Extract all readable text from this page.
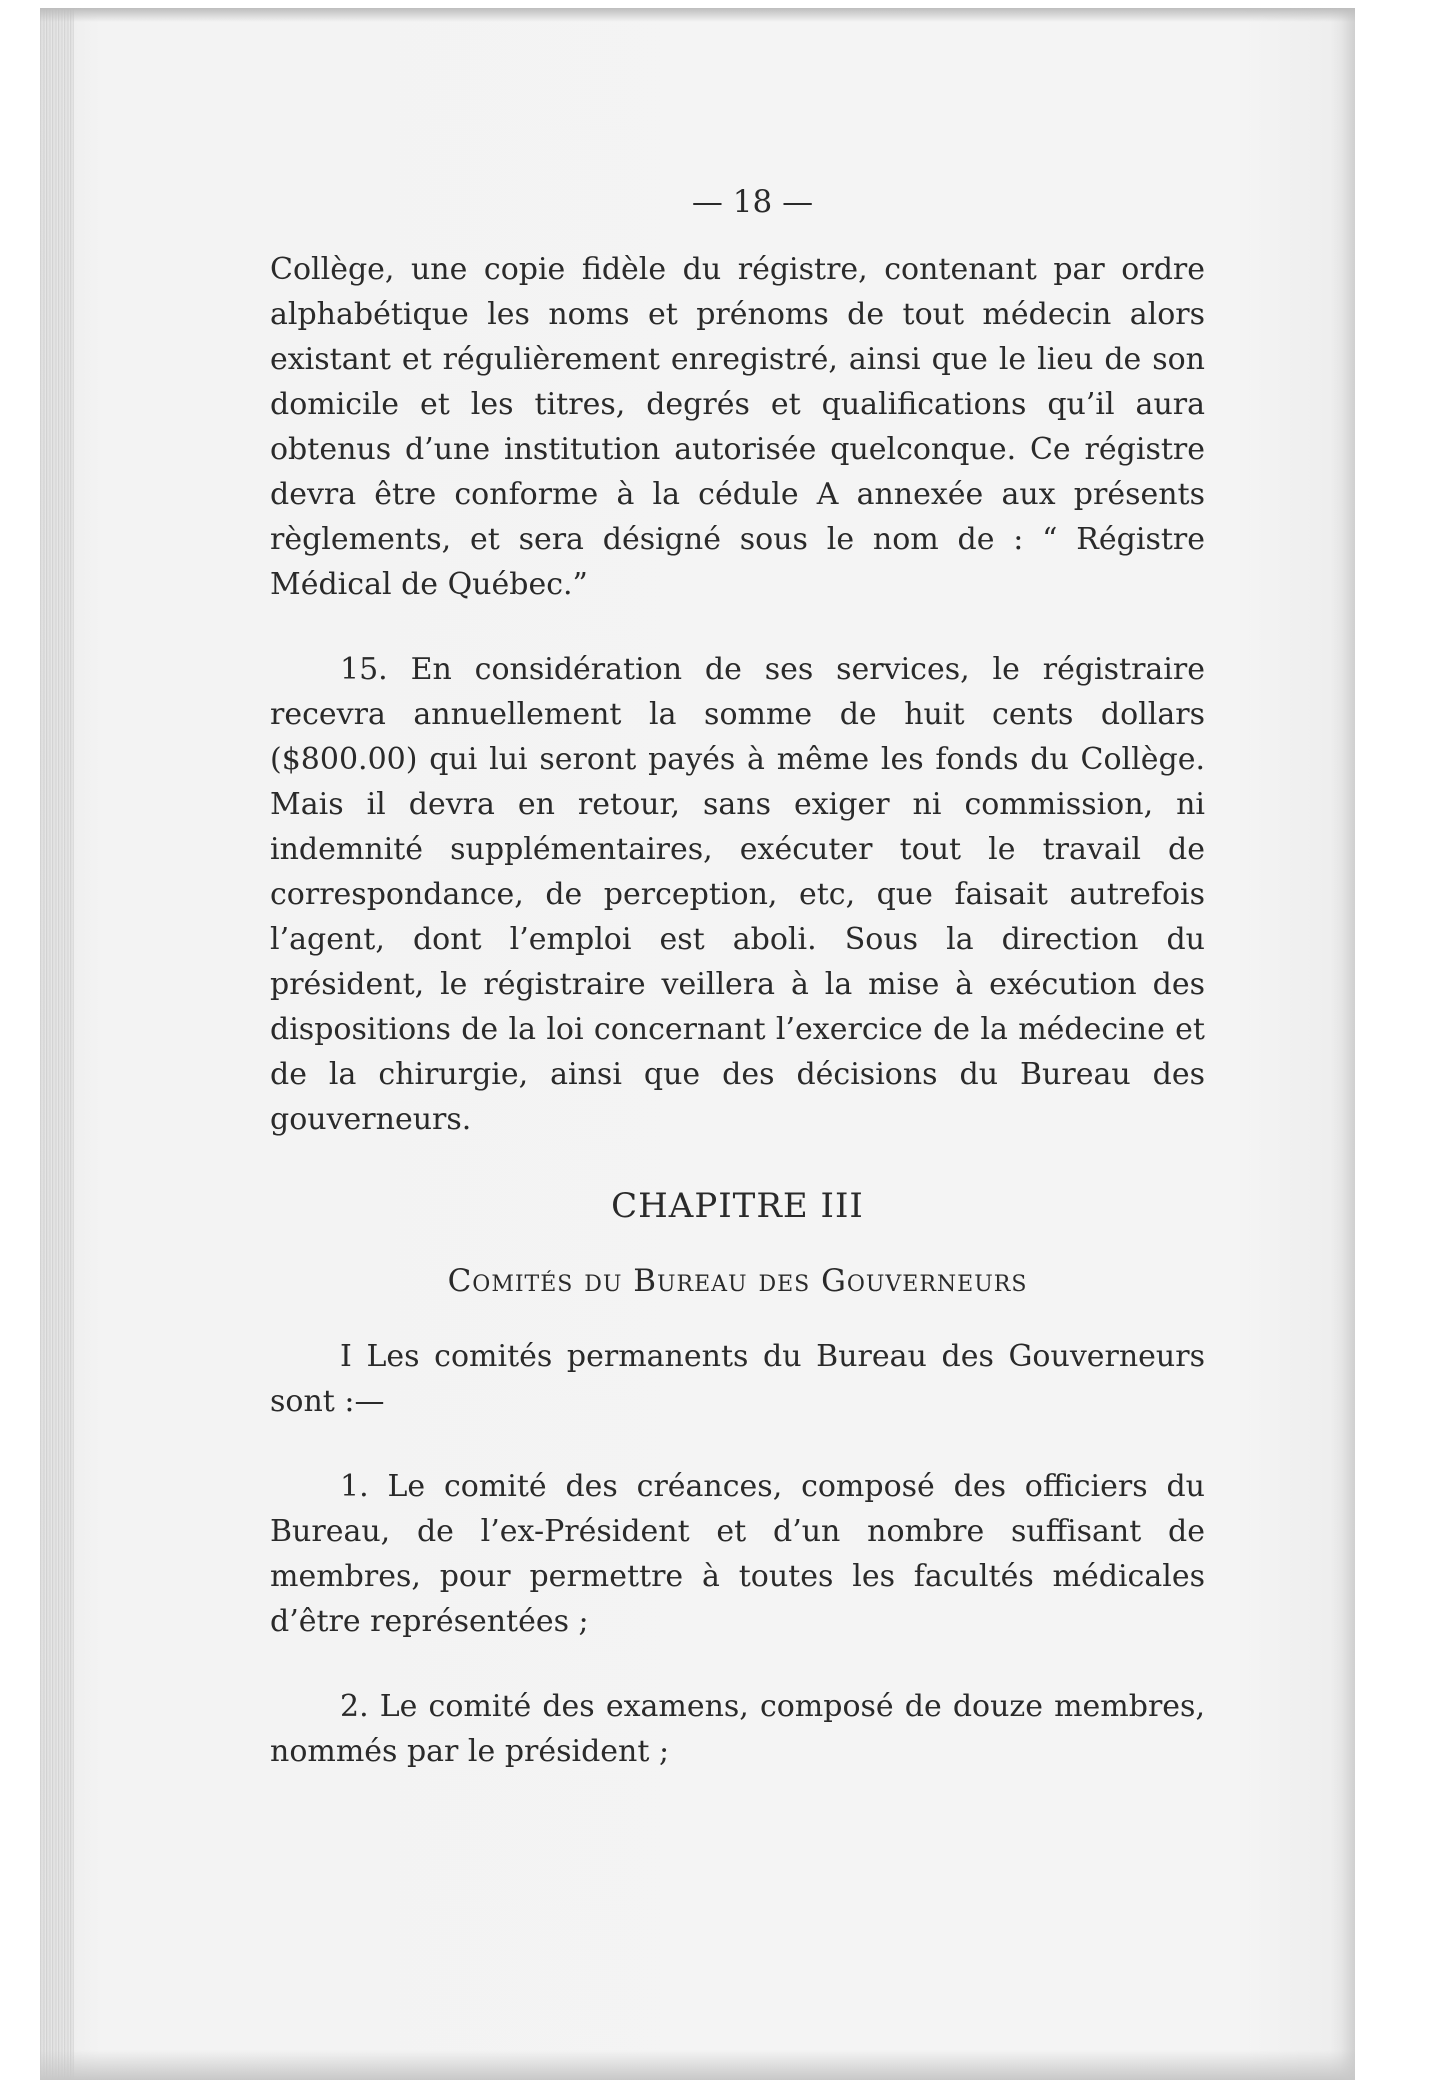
— 18 —

Collège, une copie fidèle du régistre, contenant par ordre alphabétique les noms et prénoms de tout médecin alors existant et régulièrement enregistré, ainsi que le lieu de son domicile et les titres, degrés et qualifications qu’il aura obtenus d’une institution autorisée quelconque. Ce régistre devra être conforme à la cédule A annexée aux présents règlements, et sera désigné sous le nom de : “ Régistre Médical de Québec.”

15. En considération de ses services, le régistraire recevra annuellement la somme de huit cents dollars ($800.00) qui lui seront payés à même les fonds du Collège. Mais il devra en retour, sans exiger ni commission, ni indemnité supplémentaires, exécuter tout le travail de correspondance, de perception, etc, que faisait autrefois l’agent, dont l’emploi est aboli. Sous la direction du président, le régistraire veillera à la mise à exécution des dispositions de la loi concernant l’exercice de la médecine et de la chirurgie, ainsi que des décisions du Bureau des gouverneurs.

CHAPITRE III
Comités du Bureau des Gouverneurs

I Les comités permanents du Bureau des Gouverneurs sont :—

1. Le comité des créances, composé des officiers du Bureau, de l’ex-Président et d’un nombre suffisant de membres, pour permettre à toutes les facultés médicales d’être représentées ;

2. Le comité des examens, composé de douze membres, nommés par le président ;
